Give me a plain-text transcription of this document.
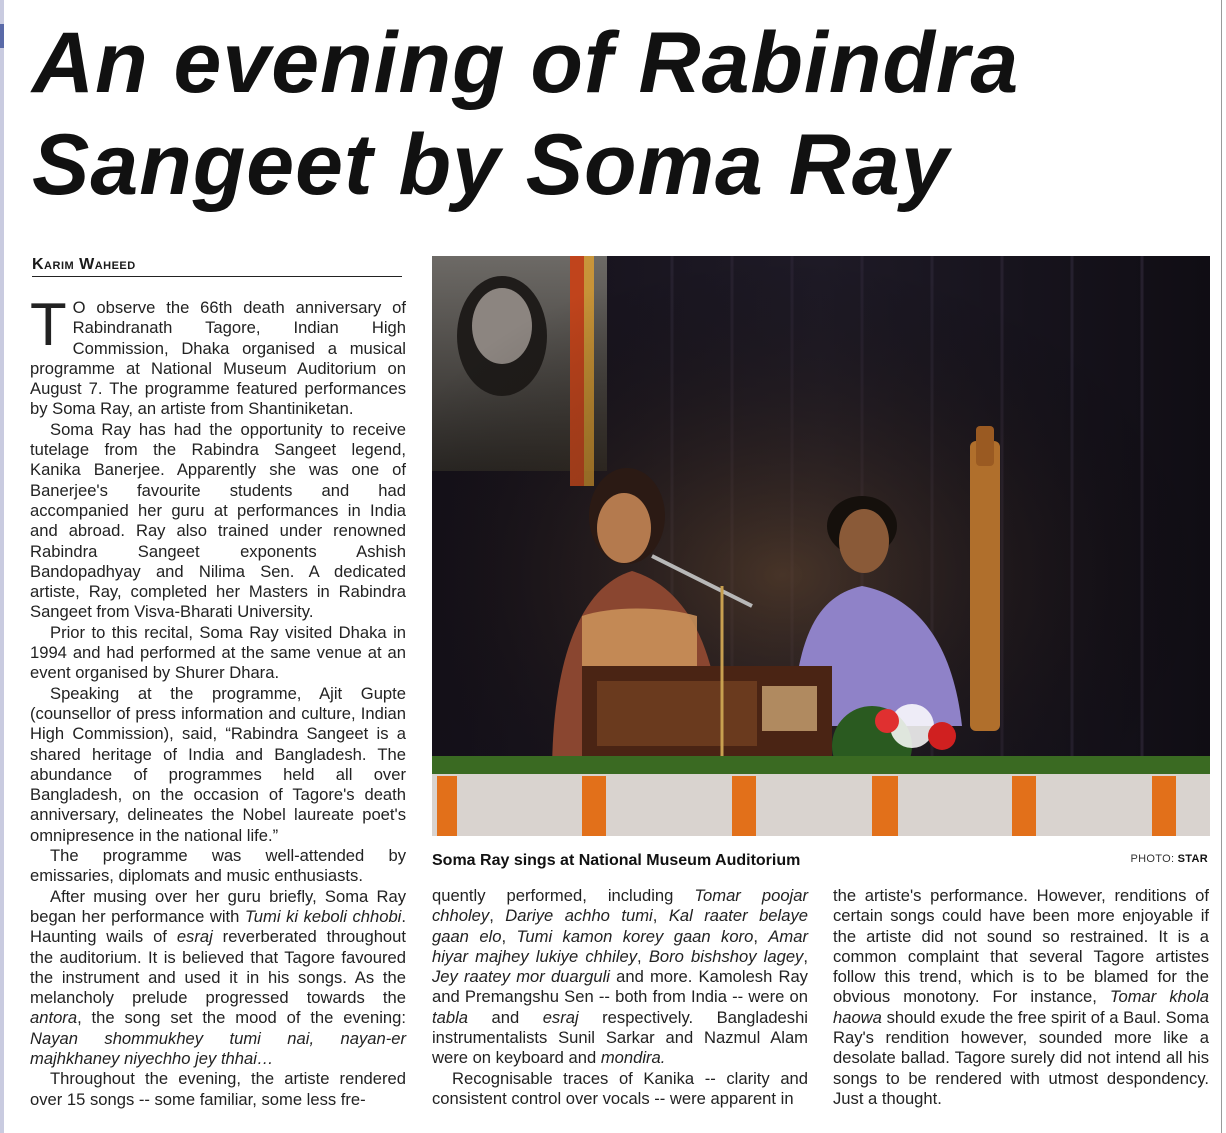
An evening of Rabindra Sangeet by Soma Ray
Karim Waheed
T O observe the 66th death anniversary of Rabindranath Tagore, Indian High Commission, Dhaka organised a musical programme at National Museum Auditorium on August 7. The programme featured performances by Soma Ray, an artiste from Shantiniketan.

Soma Ray has had the opportunity to receive tutelage from the Rabindra Sangeet legend, Kanika Banerjee. Apparently she was one of Banerjee's favourite students and had accompanied her guru at performances in India and abroad. Ray also trained under renowned Rabindra Sangeet exponents Ashish Bandopadhyay and Nilima Sen. A dedicated artiste, Ray, completed her Masters in Rabindra Sangeet from Visva-Bharati University.

Prior to this recital, Soma Ray visited Dhaka in 1994 and had performed at the same venue at an event organised by Shurer Dhara.

Speaking at the programme, Ajit Gupte (counsellor of press information and culture, Indian High Commission), said, “Rabindra Sangeet is a shared heritage of India and Bangladesh. The abundance of programmes held all over Bangladesh, on the occasion of Tagore's death anniversary, delineates the Nobel laureate poet's omnipresence in the national life.”

The programme was well-attended by emissaries, diplomats and music enthusiasts.

After musing over her guru briefly, Soma Ray began her performance with Tumi ki keboli chhobi. Haunting wails of esraj reverberated throughout the auditorium. It is believed that Tagore favoured the instrument and used it in his songs. As the melancholy prelude progressed towards the antora, the song set the mood of the evening: Nayan shommukhey tumi nai, nayan-er majhkhaney niyechho jey thhai…

Throughout the evening, the artiste rendered over 15 songs -- some familiar, some less fre-

Soma Ray sings at National Museum Auditorium	PHOTO: STAR

quently performed, including Tomar poojar chholey, Dariye achho tumi, Kal raater belaye gaan elo, Tumi kamon korey gaan koro, Amar hiyar majhey lukiye chhiley, Boro bishshoy lagey, Jey raatey mor duarguli and more. Kamolesh Ray and Premangshu Sen -- both from India -- were on tabla and esraj respectively. Bangladeshi instrumentalists Sunil Sarkar and Nazmul Alam were on keyboard and mondira.

Recognisable traces of Kanika -- clarity and consistent control over vocals -- were apparent in

the artiste's performance. However, renditions of certain songs could have been more enjoyable if the artiste did not sound so restrained. It is a common complaint that several Tagore artistes follow this trend, which is to be blamed for the obvious monotony. For instance, Tomar khola haowa should exude the free spirit of a Baul. Soma Ray's rendition however, sounded more like a desolate ballad. Tagore surely did not intend all his songs to be rendered with utmost despondency. Just a thought.
